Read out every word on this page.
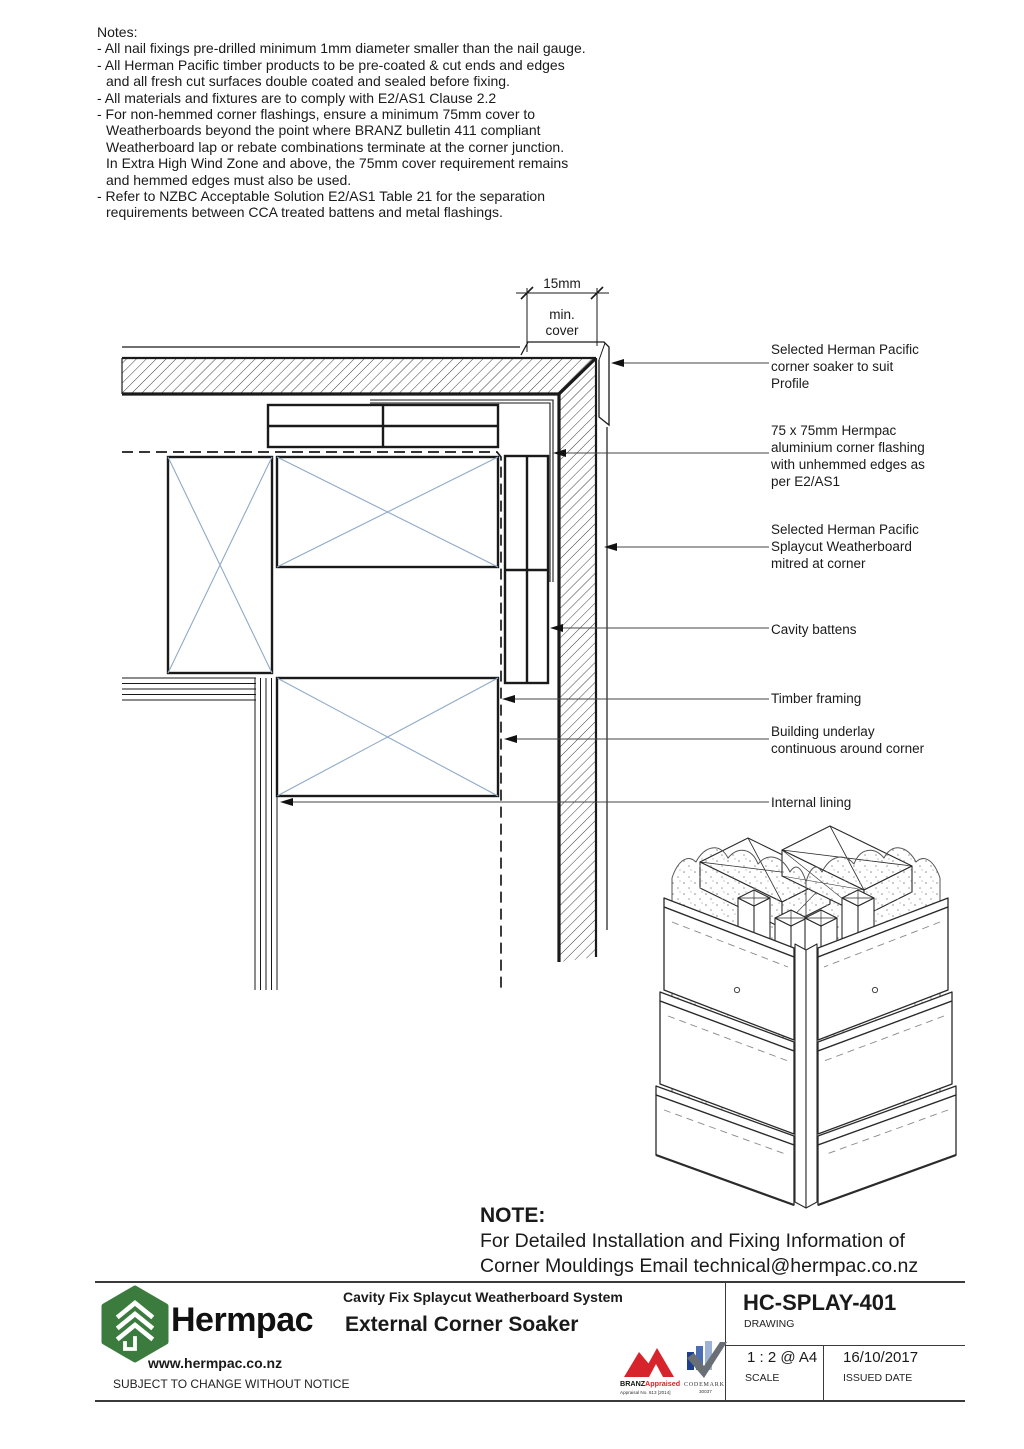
Notes:
- All nail fixings pre-drilled minimum 1mm diameter smaller than the nail gauge.
- All Herman Pacific timber products to be pre-coated & cut ends and edges
and all fresh cut surfaces double coated and sealed before fixing.
- All materials and fixtures are to comply with E2/AS1 Clause 2.2
- For non-hemmed corner flashings, ensure a minimum 75mm cover to
Weatherboards beyond the point where BRANZ bulletin 411 compliant
Weatherboard lap or rebate combinations terminate at the corner junction.
In Extra High Wind Zone and above, the 75mm cover requirement remains
and hemmed edges must also be used.
- Refer to NZBC Acceptable Solution E2/AS1 Table 21 for the separation
requirements between CCA treated battens and metal flashings.
15mm
min.
cover
Selected Herman Pacific
corner soaker to suit
Profile
75 x 75mm Hermpac
aluminium corner flashing
with unhemmed edges as
per E2/AS1
Selected Herman Pacific
Splaycut Weatherboard
mitred at corner
Cavity battens
Timber framing
Building underlay
continuous around corner
Internal lining
NOTE:
For Detailed Installation and Fixing Information of
Corner Mouldings Email technical@hermpac.co.nz
Hermpac
www.hermpac.co.nz
SUBJECT TO CHANGE WITHOUT NOTICE
Cavity Fix Splaycut Weatherboard System
External Corner Soaker
BRANZ Appraised
Appraisal No. 613 [2014]
CODEMARK
30037
HC-SPLAY-401
DRAWING
1 : 2 @ A4
SCALE
16/10/2017
ISSUED DATE
